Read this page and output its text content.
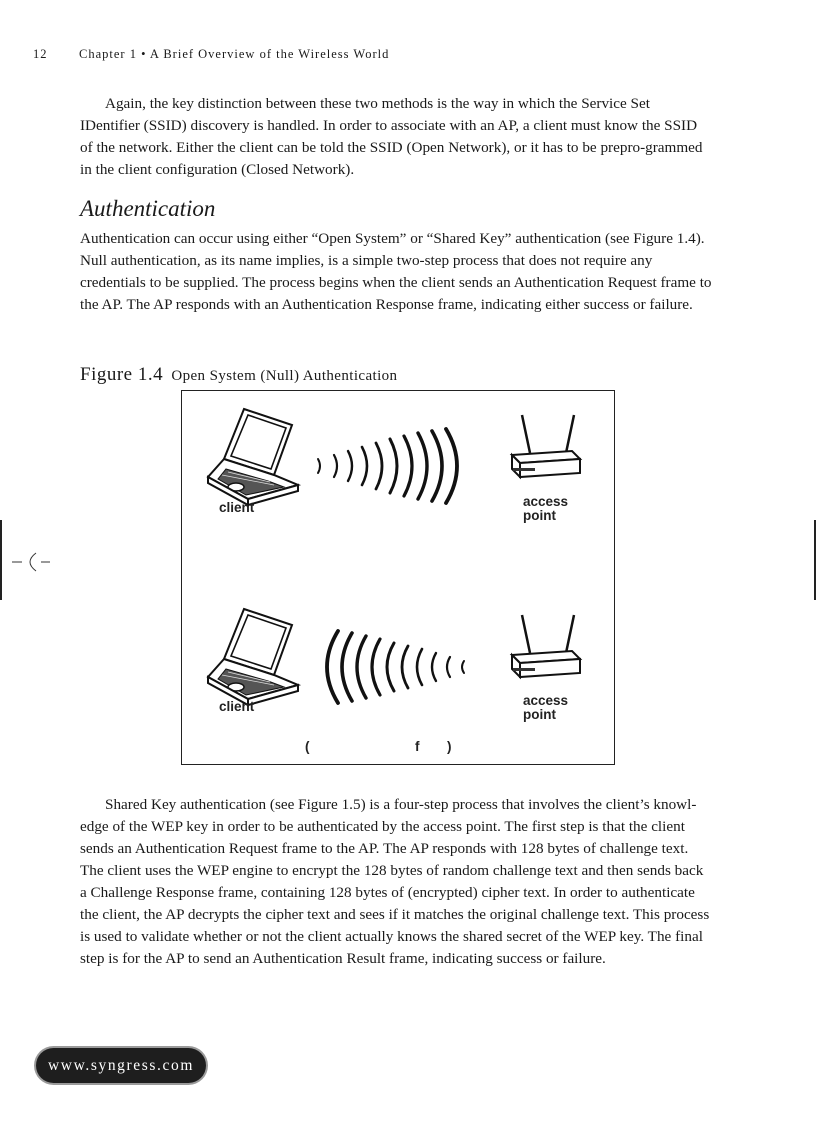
12	Chapter 1 • A Brief Overview of the Wireless World

Again, the key distinction between these two methods is the way in which the Service Set IDentifier (SSID) discovery is handled. In order to associate with an AP, a client must know the SSID of the network. Either the client can be told the SSID (Open Network), or it has to be prepro-grammed in the client configuration (Closed Network).

Authentication

Authentication can occur using either “Open System” or “Shared Key” authentication (see Figure 1.4). Null authentication, as its name implies, is a simple two-step process that does not require any credentials to be supplied. The process begins when the client sends an Authentication Request frame to the AP. The AP responds with an Authentication Response frame, indicating either success or failure.

Figure 1.4 Open System (Null) Authentication
client	access
point
client	access
point
(	f )

Shared Key authentication (see Figure 1.5) is a four-step process that involves the client’s knowl-edge of the WEP key in order to be authenticated by the access point. The first step is that the client sends an Authentication Request frame to the AP. The AP responds with 128 bytes of challenge text. The client uses the WEP engine to encrypt the 128 bytes of random challenge text and then sends back a Challenge Response frame, containing 128 bytes of (encrypted) cipher text. In order to authenticate the client, the AP decrypts the cipher text and sees if it matches the original challenge text. This process is used to validate whether or not the client actually knows the shared secret of the WEP key. The final step is for the AP to send an Authentication Result frame, indicating success or failure.

www.syngress.com
